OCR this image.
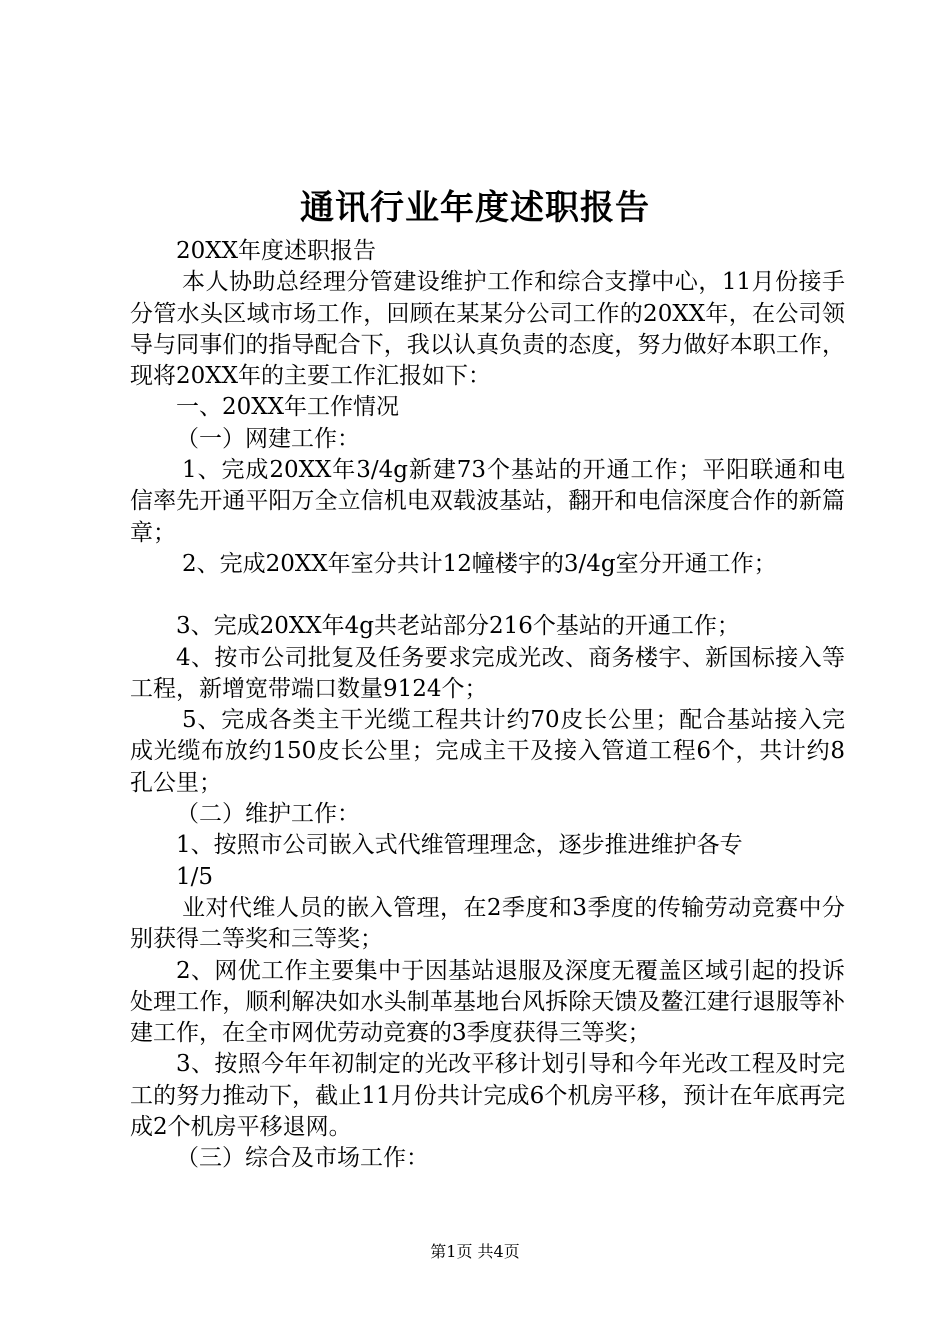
通讯行业年度述职报告

20XX年度述职报告

本人协助总经理分管建设维护工作和综合支撑中心，11月份接手分管水头区域市场工作，回顾在某某分公司工作的20XX年，在公司领导与同事们的指导配合下，我以认真负责的态度，努力做好本职工作，现将20XX年的主要工作汇报如下：

一、20XX年工作情况

（一）网建工作：

1、完成20XX年3/4g新建73个基站的开通工作；平阳联通和电信率先开通平阳万全立信机电双载波基站，翻开和电信深度合作的新篇章；

2、完成20XX年室分共计12幢楼宇的3/4g室分开通工作；

3、完成20XX年4g共老站部分216个基站的开通工作；

4、按市公司批复及任务要求完成光改、商务楼宇、新国标接入等工程，新增宽带端口数量9124个；

5、完成各类主干光缆工程共计约70皮长公里；配合基站接入完成光缆布放约150皮长公里；完成主干及接入管道工程6个，共计约8孔公里；

（二）维护工作：

1、按照市公司嵌入式代维管理理念，逐步推进维护各专

1/5

业对代维人员的嵌入管理，在2季度和3季度的传输劳动竞赛中分别获得二等奖和三等奖；

2、网优工作主要集中于因基站退服及深度无覆盖区域引起的投诉处理工作，顺利解决如水头制革基地台风拆除天馈及鳌江建行退服等补建工作，在全市网优劳动竞赛的3季度获得三等奖；

3、按照今年年初制定的光改平移计划引导和今年光改工程及时完工的努力推动下，截止11月份共计完成6个机房平移，预计在年底再完成2个机房平移退网。

（三）综合及市场工作：

第1页 共4页
